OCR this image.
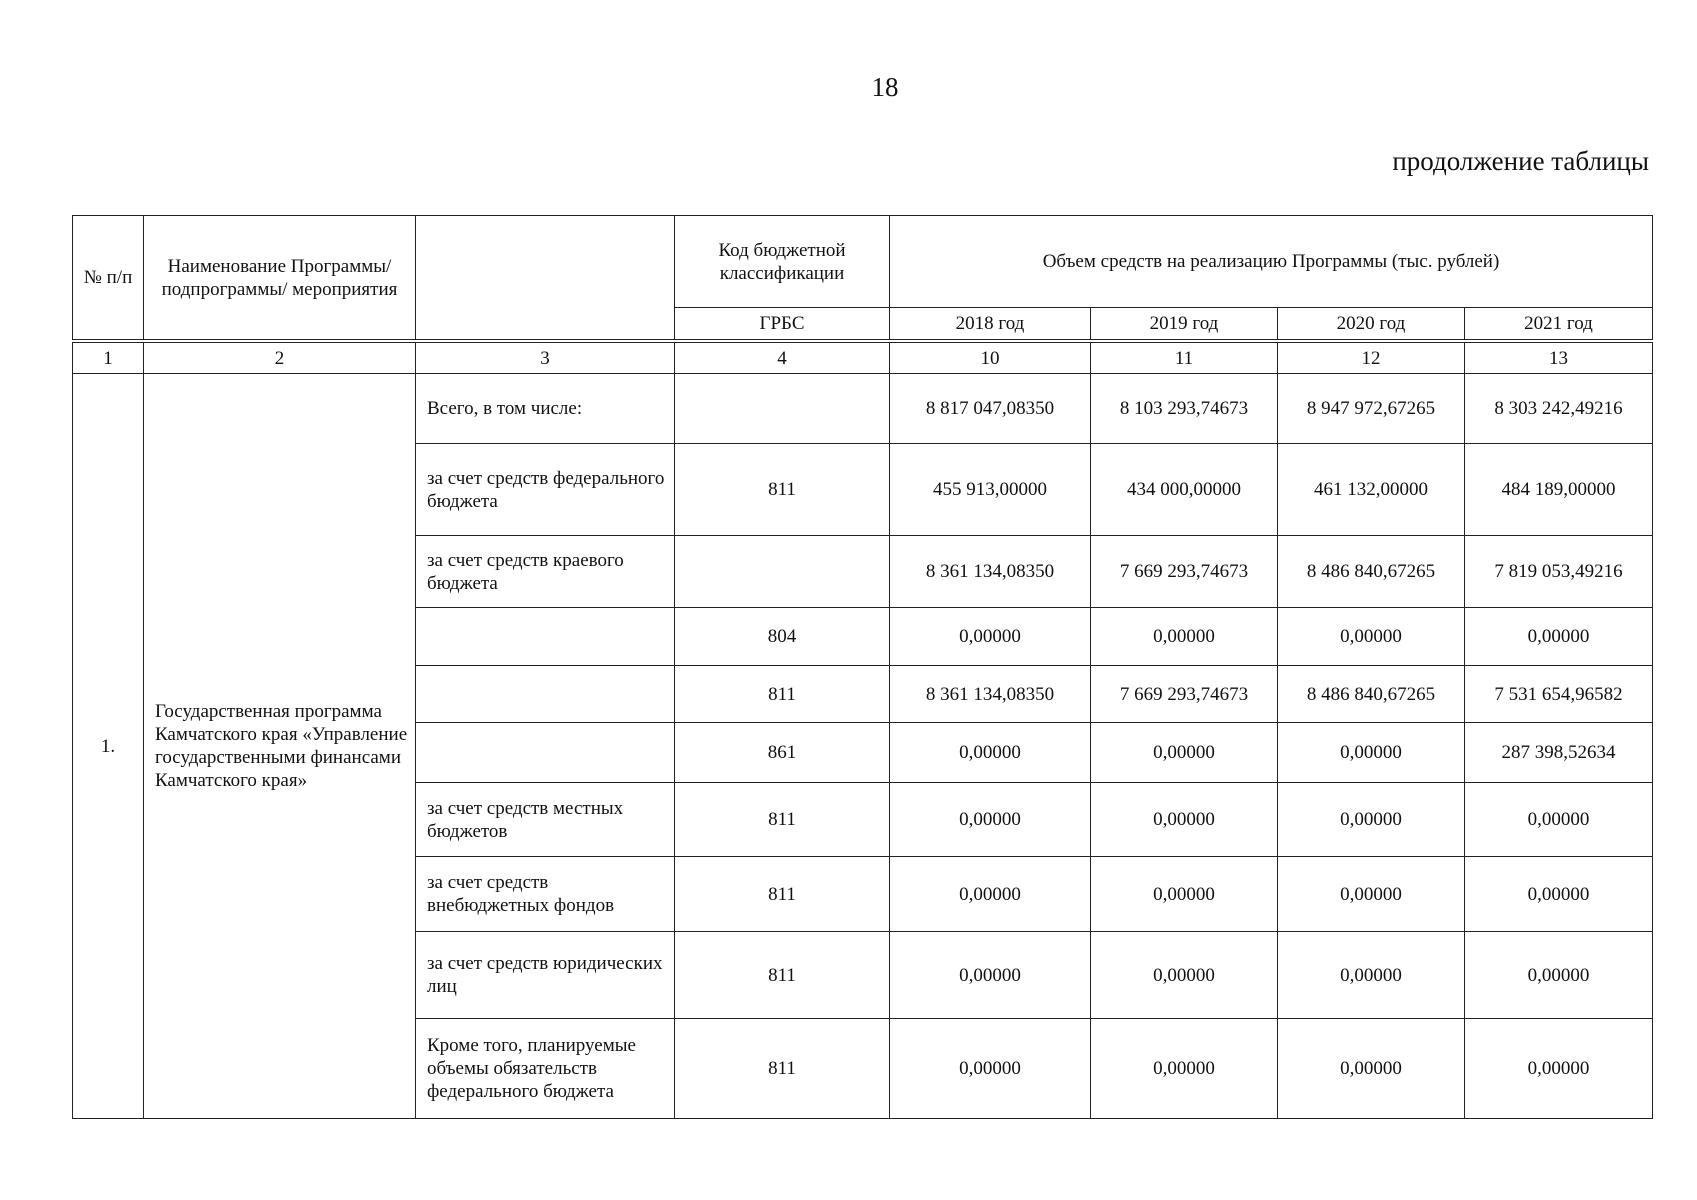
18
продолжение таблицы
№ п/п	Наименование Программы/ подпрограммы/ мероприятия		Код бюджетной классификации	Объем средств на реализацию Программы (тыс. рублей)			
			ГРБС	2018 год	2019 год	2020 год	2021 год
1	2	3	4	10	11	12	13
1.	Государственная программа Камчатского края «Управление государственными финансами Камчатского края»	Всего, в том числе:		8 817 047,08350	8 103 293,74673	8 947 972,67265	8 303 242,49216
		за счет средств федерального бюджета	811	455 913,00000	434 000,00000	461 132,00000	484 189,00000
		за счет средств краевого бюджета		8 361 134,08350	7 669 293,74673	8 486 840,67265	7 819 053,49216
			804	0,00000	0,00000	0,00000	0,00000
			811	8 361 134,08350	7 669 293,74673	8 486 840,67265	7 531 654,96582
			861	0,00000	0,00000	0,00000	287 398,52634
		за счет средств местных бюджетов	811	0,00000	0,00000	0,00000	0,00000
		за счет средств внебюджетных фондов	811	0,00000	0,00000	0,00000	0,00000
		за счет средств юридических лиц	811	0,00000	0,00000	0,00000	0,00000
		Кроме того, планируемые объемы обязательств федерального бюджета	811	0,00000	0,00000	0,00000	0,00000
